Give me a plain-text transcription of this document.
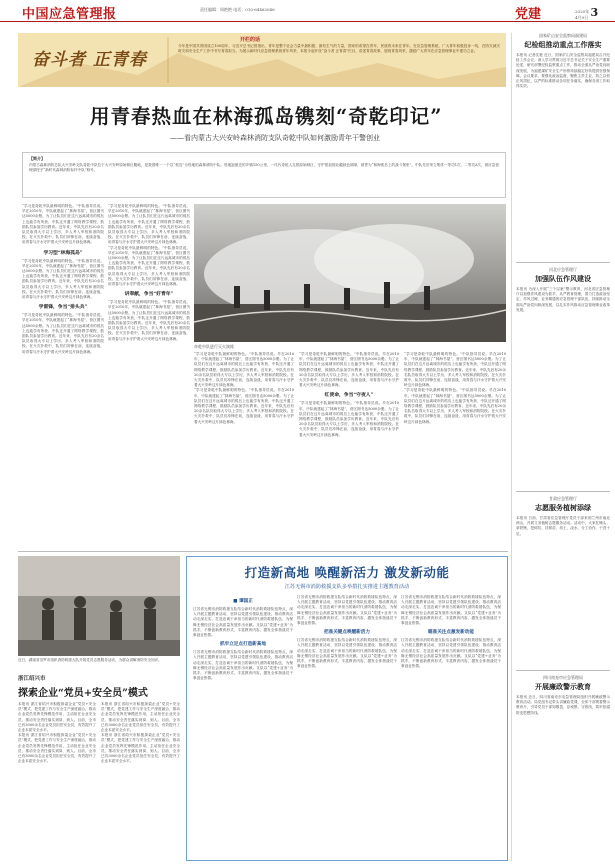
中国应急管理报	责任编辑：周艳艳 电话：010-64463046	党建	2020年
4月9日 3
奋斗者 正青春
开栏的话
今年是中国共青团成立100周年，习近平总书记曾指出，青年是整个社会力量中最积极、最有生气的力量，国家的希望在青年，民族的未来在青年。在应急管理系统，广大青年积极投身一线，在防灾减灾救灾和安全生产工作中书写青春担当。为展示新时代应急管理系统青年风采，本报今起开设“奋斗者 正青春”栏目，讲述青春故事，展现青春风采，激励广大青年在应急管理事业中建功立业。
用青春热血在林海孤岛镌刻“奇乾印记”
——看内蒙古大兴安岭森林消防支队奇乾中队如何激励青年干警创业
【简介】
内蒙古森林消防总队大兴安岭支队奇乾中队位于大兴安岭原始林区腹地，是我国唯一一个以“孤岛”为驻地的森林消防中队。驻地距最近的乡镇150公里，一代代奇乾人扎根原始林区，守护着祖国北疆绿色屏障，被誉为“林海孤岛上的战斗堡垒”。中队先后荣立集体一等功1次、二等功3次，被应急管理部授予“新时代森林消防标杆中队”称号。
“学习是奇乾中队最鲜明的特色。”中队指导员说。早在2010年，中队就建起了“林海书屋”，营区图书达5000余册。为了让队员们在这片远离城市的孤岛上也能学有所获，中队还开通了网络教学课程，鼓励队员参加学历教育。近年来，中队先后有20余名队员取得大专以上学历，多人考入军校和消防院校。在火灾扑救中，队员们冲锋在前，连续奋战，用青春与汗水守护着大兴安岭这片绿色林海。
学习型“林海孤岛”
“学习是奇乾中队最鲜明的特色。”中队指导员说。早在2010年，中队就建起了“林海书屋”，营区图书达5000余册。为了让队员们在这片远离城市的孤岛上也能学有所获，中队还开通了网络教学课程，鼓励队员参加学历教育。近年来，中队先后有20余名队员取得大专以上学历，多人考入军校和消防院校。在火灾扑救中，队员们冲锋在前，连续奋战，用青春与汗水守护着大兴安岭这片绿色林海。
学雷锋，争当“排头兵”
“学习是奇乾中队最鲜明的特色。”中队指导员说。早在2010年，中队就建起了“林海书屋”，营区图书达5000余册。为了让队员们在这片远离城市的孤岛上也能学有所获，中队还开通了网络教学课程，鼓励队员参加学历教育。近年来，中队先后有20余名队员取得大专以上学历，多人考入军校和消防院校。在火灾扑救中，队员们冲锋在前，连续奋战，用青春与汗水守护着大兴安岭这片绿色林海。
“学习是奇乾中队最鲜明的特色。”中队指导员说。早在2010年，中队就建起了“林海书屋”，营区图书达5000余册。为了让队员们在这片远离城市的孤岛上也能学有所获，中队还开通了网络教学课程，鼓励队员参加学历教育。近年来，中队先后有20余名队员取得大专以上学历，多人考入军校和消防院校。在火灾扑救中，队员们冲锋在前，连续奋战，用青春与汗水守护着大兴安岭这片绿色林海。
“学习是奇乾中队最鲜明的特色。”中队指导员说。早在2010年，中队就建起了“林海书屋”，营区图书达5000余册。为了让队员们在这片远离城市的孤岛上也能学有所获，中队还开通了网络教学课程，鼓励队员参加学历教育。近年来，中队先后有20余名队员取得大专以上学历，多人考入军校和消防院校。在火灾扑救中，队员们冲锋在前，连续奋战，用青春与汗水守护着大兴安岭这片绿色林海。
讲奉献，争当“好青年”
“学习是奇乾中队最鲜明的特色。”中队指导员说。早在2010年，中队就建起了“林海书屋”，营区图书达5000余册。为了让队员们在这片远离城市的孤岛上也能学有所获，中队还开通了网络教学课程，鼓励队员参加学历教育。近年来，中队先后有20余名队员取得大专以上学历，多人考入军校和消防院校。在火灾扑救中，队员们冲锋在前，连续奋战，用青春与汗水守护着大兴安岭这片绿色林海。
奇乾中队进行灭火演练
“学习是奇乾中队最鲜明的特色。”中队指导员说。早在2010年，中队就建起了“林海书屋”，营区图书达5000余册。为了让队员们在这片远离城市的孤岛上也能学有所获，中队还开通了网络教学课程，鼓励队员参加学历教育。近年来，中队先后有20余名队员取得大专以上学历，多人考入军校和消防院校。在火灾扑救中，队员们冲锋在前，连续奋战，用青春与汗水守护着大兴安岭这片绿色林海。
“学习是奇乾中队最鲜明的特色。”中队指导员说。早在2010年，中队就建起了“林海书屋”，营区图书达5000余册。为了让队员们在这片远离城市的孤岛上也能学有所获，中队还开通了网络教学课程，鼓励队员参加学历教育。近年来，中队先后有20余名队员取得大专以上学历，多人考入军校和消防院校。在火灾扑救中，队员们冲锋在前，连续奋战，用青春与汗水守护着大兴安岭这片绿色林海。
“学习是奇乾中队最鲜明的特色。”中队指导员说。早在2010年，中队就建起了“林海书屋”，营区图书达5000余册。为了让队员们在这片远离城市的孤岛上也能学有所获，中队还开通了网络教学课程，鼓励队员参加学历教育。近年来，中队先后有20余名队员取得大专以上学历，多人考入军校和消防院校。在火灾扑救中，队员们冲锋在前，连续奋战，用青春与汗水守护着大兴安岭这片绿色林海。
红使命，争当“守夜人”
“学习是奇乾中队最鲜明的特色。”中队指导员说。早在2010年，中队就建起了“林海书屋”，营区图书达5000余册。为了让队员们在这片远离城市的孤岛上也能学有所获，中队还开通了网络教学课程，鼓励队员参加学历教育。近年来，中队先后有20余名队员取得大专以上学历，多人考入军校和消防院校。在火灾扑救中，队员们冲锋在前，连续奋战，用青春与汗水守护着大兴安岭这片绿色林海。
“学习是奇乾中队最鲜明的特色。”中队指导员说。早在2010年，中队就建起了“林海书屋”，营区图书达5000余册。为了让队员们在这片远离城市的孤岛上也能学有所获，中队还开通了网络教学课程，鼓励队员参加学历教育。近年来，中队先后有20余名队员取得大专以上学历，多人考入军校和消防院校。在火灾扑救中，队员们冲锋在前，连续奋战，用青春与汗水守护着大兴安岭这片绿色林海。
“学习是奇乾中队最鲜明的特色。”中队指导员说。早在2010年，中队就建起了“林海书屋”，营区图书达5000余册。为了让队员们在这片远离城市的孤岛上也能学有所获，中队还开通了网络教学课程，鼓励队员参加学历教育。近年来，中队先后有20余名队员取得大专以上学历，多人考入军校和消防院校。在火灾扑救中，队员们冲锋在前，连续奋战，用青春与汗水守护着大兴安岭这片绿色林海。
近日，湖南省汨罗市组织消防救援大队开展党员志愿服务活动，为群众讲解消防安全知识。
浙江绍兴市
探索企业“党员+安全员”模式
本报讯 浙江省绍兴市积极探索企业“党员+安全员”模式，把党建工作与安全生产深度融合，推动企业党员发挥先锋模范作用，主动担任企业安全员，推动安全责任落实到岗、到人。目前，全市已有3000余名企业党员担任安全员，有效提升了企业本质安全水平。
本报讯 浙江省绍兴市积极探索企业“党员+安全员”模式，把党建工作与安全生产深度融合，推动企业党员发挥先锋模范作用，主动担任企业安全员，推动安全责任落实到岗、到人。目前，全市已有3000余名企业党员担任安全员，有效提升了企业本质安全水平。
本报讯 浙江省绍兴市积极探索企业“党员+安全员”模式，把党建工作与安全生产深度融合，推动企业党员发挥先锋模范作用，主动担任企业安全员，推动安全责任落实到岗、到人。目前，全市已有3000余名企业党员担任安全员，有效提升了企业本质安全水平。
本报讯 浙江省绍兴市积极探索企业“党员+安全员”模式，把党建工作与安全生产深度融合，推动企业党员发挥先锋模范作用，主动担任企业安全员，推动安全责任落实到岗、到人。目前，全市已有3000余名企业党员担任安全员，有效提升了企业本质安全水平。
打造新高地 唤醒新活力 激发新动能
江苏无锡市消防救援支队多举措扎实推进主题教育活动
■ 谭国正
江苏省无锡市消防救援支队结合新时代消防救援队伍特点，深入开展主题教育活动，坚持以党建引领队伍建设，推动教育活动走深走实，打造忠诚干净担当的新时代消防救援队伍，为保障无锡经济社会高质量发展作出贡献。支队以“党建+业务”为抓手，不断创新教育形式，丰富教育内容，激发全体指战员干事创业热情。
抓牢立足点打造新高地
江苏省无锡市消防救援支队结合新时代消防救援队伍特点，深入开展主题教育活动，坚持以党建引领队伍建设，推动教育活动走深走实，打造忠诚干净担当的新时代消防救援队伍，为保障无锡经济社会高质量发展作出贡献。支队以“党建+业务”为抓手，不断创新教育形式，丰富教育内容，激发全体指战员干事创业热情。
江苏省无锡市消防救援支队结合新时代消防救援队伍特点，深入开展主题教育活动，坚持以党建引领队伍建设，推动教育活动走深走实，打造忠诚干净担当的新时代消防救援队伍，为保障无锡经济社会高质量发展作出贡献。支队以“党建+业务”为抓手，不断创新教育形式，丰富教育内容，激发全体指战员干事创业热情。
把准关键点唤醒新活力
江苏省无锡市消防救援支队结合新时代消防救援队伍特点，深入开展主题教育活动，坚持以党建引领队伍建设，推动教育活动走深走实，打造忠诚干净担当的新时代消防救援队伍，为保障无锡经济社会高质量发展作出贡献。支队以“党建+业务”为抓手，不断创新教育形式，丰富教育内容，激发全体指战员干事创业热情。
江苏省无锡市消防救援支队结合新时代消防救援队伍特点，深入开展主题教育活动，坚持以党建引领队伍建设，推动教育活动走深走实，打造忠诚干净担当的新时代消防救援队伍，为保障无锡经济社会高质量发展作出贡献。支队以“党建+业务”为抓手，不断创新教育形式，丰富教育内容，激发全体指战员干事创业热情。
瞄准关注点激发新动能
江苏省无锡市消防救援支队结合新时代消防救援队伍特点，深入开展主题教育活动，坚持以党建引领队伍建设，推动教育活动走深走实，打造忠诚干净担当的新时代消防救援队伍，为保障无锡经济社会高质量发展作出贡献。支队以“党建+业务”为抓手，不断创新教育形式，丰富教育内容，激发全体指战员干事创业热情。
国家矿山安全监察局福建局
纪检组推动重点工作落实
本报讯 记者沈艳 近日，国家矿山安全监察局福建局召开纪检工作会议，深入学习贯彻习近平总书记关于安全生产重要论述，研究部署纪检监察重点工作，推动全面从严治党向纵深发展，为福建煤矿安全生产形势持续稳定好转提供坚强保障。会议要求，要强化政治监督，聚焦主责主业，持之以恒正风肃纪，以严的标准推动各项任务落实，确保各项工作取得实效。
河北应急管理厅
加强队伍作风建设
本报讯 为深入开展“三个以案”警示教育，河北省应急管理厅以加强作风建设为抓手，从严教育管理，着力打造政治坚定、作风过硬、业务精通的应急管理干部队伍，持续推动全面从严治党向纵深发展，以扎实作风推动应急管理事业改革发展。
甘肃应急管理厅
志愿服务植树添绿
本报讯 日前，甘肃省应急管理厅党员干部来到兰州市南北两山，开展义务植树志愿服务活动。活动中，大家扛锄头、拿铁锹、挖树坑、扶树苗、培土、浇水，分工协作，干劲十足。
四川南充市应急管理局
开展廉政警示教育
本报讯 近日，四川省南充市应急管理局组织开展廉政警示教育活动。局党组书记带头讲廉政党课，全体干部观看警示教育片，引导党员干部知敬畏、存戒惧、守底线，筑牢拒腐防变思想防线。
